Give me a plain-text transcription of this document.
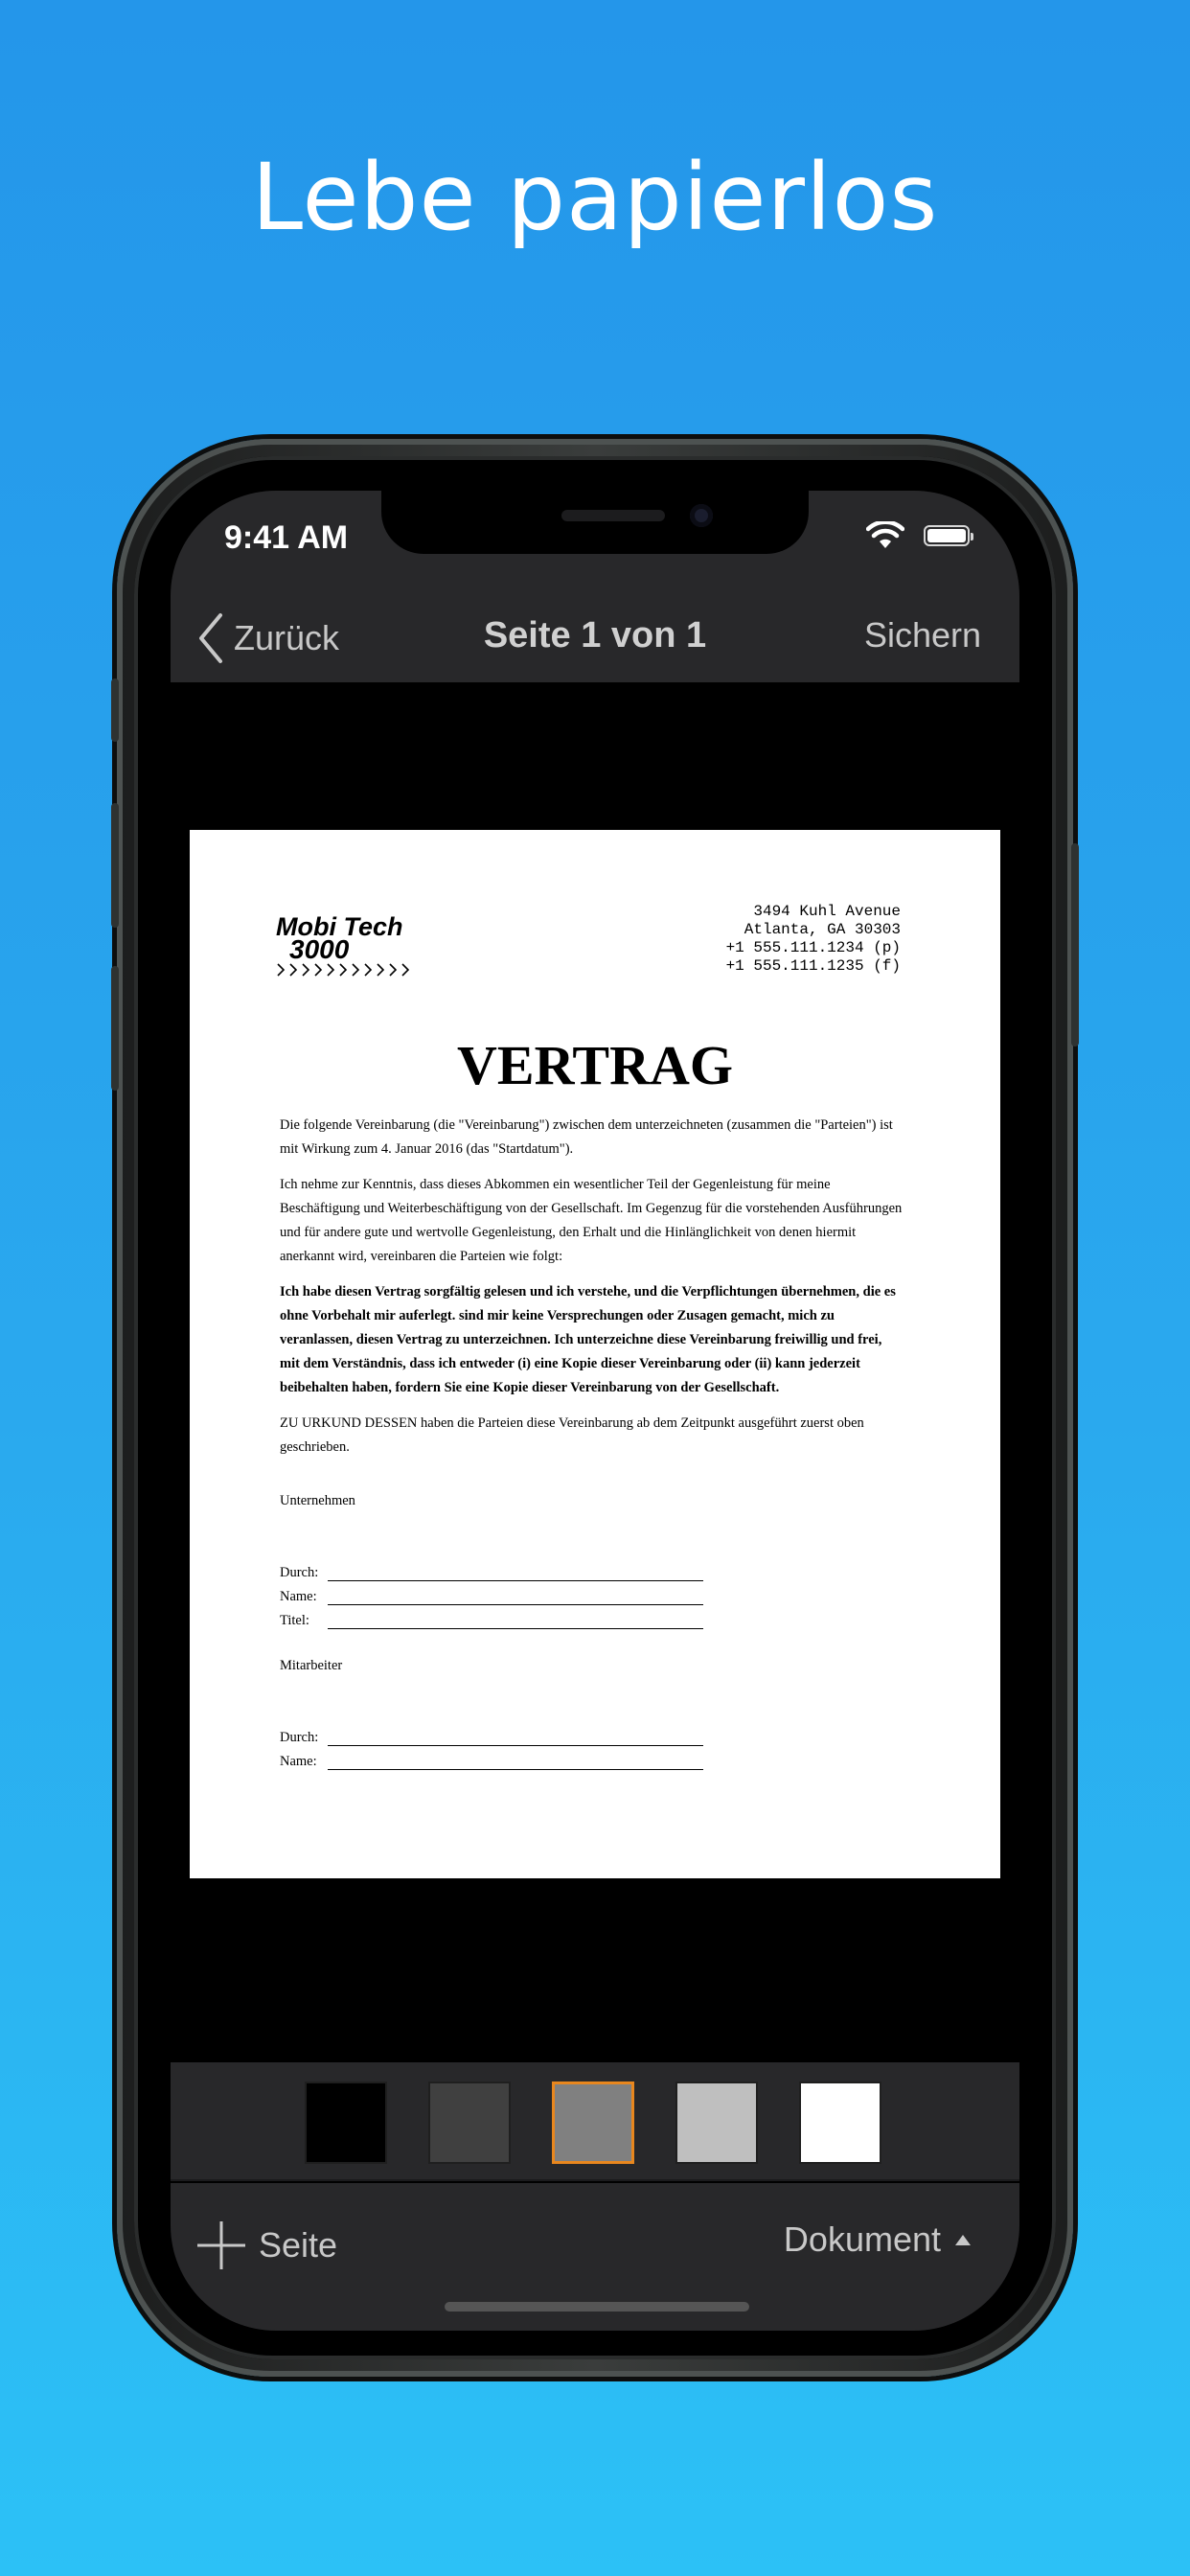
Lebe papierlos
9:41 AM
Zurück	Seite 1 von 1	Sichern
Mobi Tech
3000
3494 Kuhl Avenue
Atlanta, GA 30303
+1 555.111.1234 (p)
+1 555.111.1235 (f)
VERTRAG

Die folgende Vereinbarung (die "Vereinbarung") zwischen dem unterzeichneten (zusammen die "Parteien") ist mit Wirkung zum 4. Januar 2016 (das "Startdatum").

Ich nehme zur Kenntnis, dass dieses Abkommen ein wesentlicher Teil der Gegenleistung für meine Beschäftigung und Weiterbeschäftigung von der Gesellschaft. Im Gegenzug für die vorstehenden Ausführungen und für andere gute und wertvolle Gegenleistung, den Erhalt und die Hinlänglichkeit von denen hiermit anerkannt wird, vereinbaren die Parteien wie folgt:

Ich habe diesen Vertrag sorgfältig gelesen und ich verstehe, und die Verpflichtungen übernehmen, die es ohne Vorbehalt mir auferlegt. sind mir keine Versprechungen oder Zusagen gemacht, mich zu veranlassen, diesen Vertrag zu unterzeichnen. Ich unterzeichne diese Vereinbarung freiwillig und frei, mit dem Verständnis, dass ich entweder (i) eine Kopie dieser Vereinbarung oder (ii) kann jederzeit beibehalten haben, fordern Sie eine Kopie dieser Vereinbarung von der Gesellschaft.

ZU URKUND DESSEN haben die Parteien diese Vereinbarung ab dem Zeitpunkt ausgeführt zuerst oben geschrieben.

Unternehmen
Durch:
Name:
Titel:
Mitarbeiter
Durch:
Name:
Seite	Dokument
